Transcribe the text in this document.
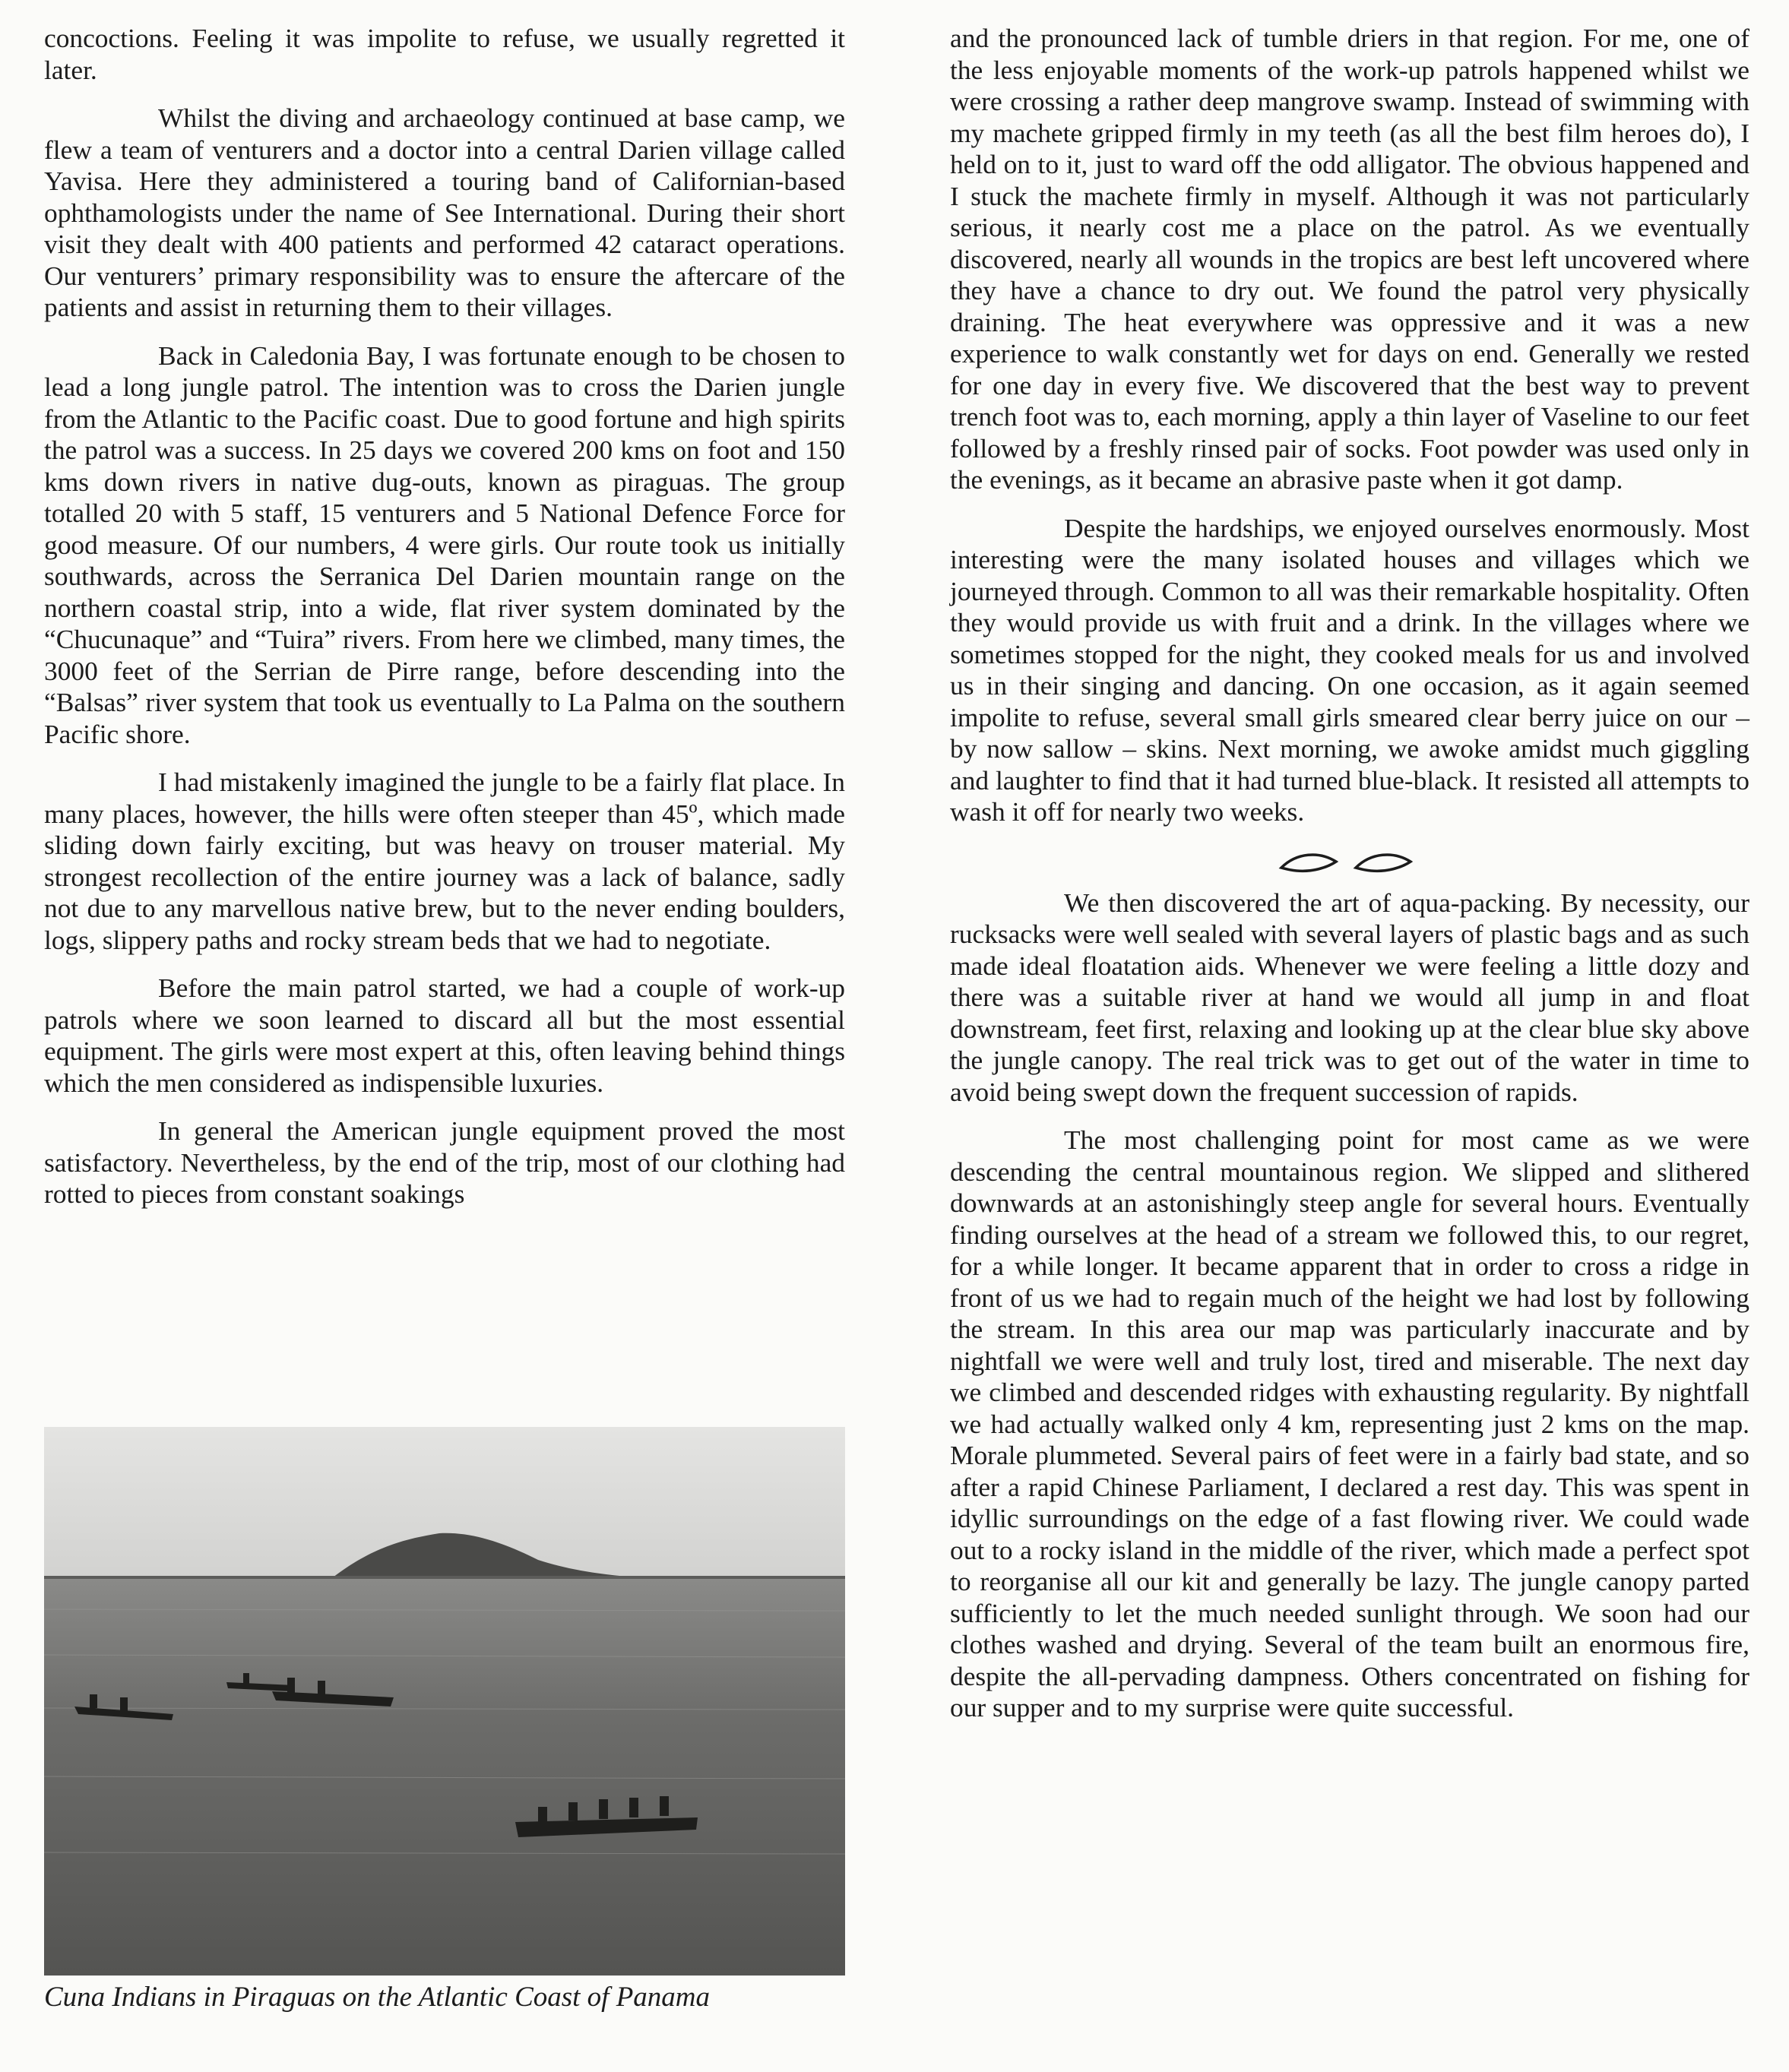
concoctions. Feeling it was impolite to refuse, we usually regretted it later.

Whilst the diving and archaeology continued at base camp, we flew a team of venturers and a doctor into a central Darien village called Yavisa. Here they administered a touring band of Californian-based ophthamologists under the name of See International. During their short visit they dealt with 400 patients and performed 42 cataract operations. Our venturers’ primary responsibility was to ensure the aftercare of the patients and assist in returning them to their villages.

Back in Caledonia Bay, I was fortunate enough to be chosen to lead a long jungle patrol. The intention was to cross the Darien jungle from the Atlantic to the Pacific coast. Due to good fortune and high spirits the patrol was a success. In 25 days we covered 200 kms on foot and 150 kms down rivers in native dug-outs, known as piraguas. The group totalled 20 with 5 staff, 15 venturers and 5 National Defence Force for good measure. Of our numbers, 4 were girls. Our route took us initially southwards, across the Serranica Del Darien mountain range on the northern coastal strip, into a wide, flat river system dominated by the “Chucunaque” and “Tuira” rivers. From here we climbed, many times, the 3000 feet of the Serrian de Pirre range, before descending into the “Balsas” river system that took us eventually to La Palma on the southern Pacific shore.

I had mistakenly imagined the jungle to be a fairly flat place. In many places, however, the hills were often steeper than 45º, which made sliding down fairly exciting, but was heavy on trouser material. My strongest recollection of the entire journey was a lack of balance, sadly not due to any marvellous native brew, but to the never ending boulders, logs, slippery paths and rocky stream beds that we had to negotiate.

Before the main patrol started, we had a couple of work-up patrols where we soon learned to discard all but the most essential equipment. The girls were most expert at this, often leaving behind things which the men considered as indispensible luxuries.

In general the American jungle equipment proved the most satisfactory. Nevertheless, by the end of the trip, most of our clothing had rotted to pieces from constant soakings

Cuna Indians in Piraguas on the Atlantic Coast of Panama

and the pronounced lack of tumble driers in that region. For me, one of the less enjoyable moments of the work-up patrols happened whilst we were crossing a rather deep mangrove swamp. Instead of swimming with my machete gripped firmly in my teeth (as all the best film heroes do), I held on to it, just to ward off the odd alligator. The obvious happened and I stuck the machete firmly in myself. Although it was not particularly serious, it nearly cost me a place on the patrol. As we eventually discovered, nearly all wounds in the tropics are best left uncovered where they have a chance to dry out. We found the patrol very physically draining. The heat everywhere was oppressive and it was a new experience to walk constantly wet for days on end. Generally we rested for one day in every five. We discovered that the best way to prevent trench foot was to, each morning, apply a thin layer of Vaseline to our feet followed by a freshly rinsed pair of socks. Foot powder was used only in the evenings, as it became an abrasive paste when it got damp.

Despite the hardships, we enjoyed ourselves enormously. Most interesting were the many isolated houses and villages which we journeyed through. Common to all was their remarkable hospitality. Often they would provide us with fruit and a drink. In the villages where we sometimes stopped for the night, they cooked meals for us and involved us in their singing and dancing. On one occasion, as it again seemed impolite to refuse, several small girls smeared clear berry juice on our – by now sallow – skins. Next morning, we awoke amidst much giggling and laughter to find that it had turned blue-black. It resisted all attempts to wash it off for nearly two weeks.

We then discovered the art of aqua-packing. By necessity, our rucksacks were well sealed with several layers of plastic bags and as such made ideal floatation aids. Whenever we were feeling a little dozy and there was a suitable river at hand we would all jump in and float downstream, feet first, relaxing and looking up at the clear blue sky above the jungle canopy. The real trick was to get out of the water in time to avoid being swept down the frequent succession of rapids.

The most challenging point for most came as we were descending the central mountainous region. We slipped and slithered downwards at an astonishingly steep angle for several hours. Eventually finding ourselves at the head of a stream we followed this, to our regret, for a while longer. It became apparent that in order to cross a ridge in front of us we had to regain much of the height we had lost by following the stream. In this area our map was particularly inaccurate and by nightfall we were well and truly lost, tired and miserable. The next day we climbed and descended ridges with exhausting regularity. By nightfall we had actually walked only 4 km, representing just 2 kms on the map. Morale plummeted. Several pairs of feet were in a fairly bad state, and so after a rapid Chinese Parliament, I declared a rest day. This was spent in idyllic surroundings on the edge of a fast flowing river. We could wade out to a rocky island in the middle of the river, which made a perfect spot to reorganise all our kit and generally be lazy. The jungle canopy parted sufficiently to let the much needed sunlight through. We soon had our clothes washed and drying. Several of the team built an enormous fire, despite the all-pervading dampness. Others concentrated on fishing for our supper and to my surprise were quite successful.
